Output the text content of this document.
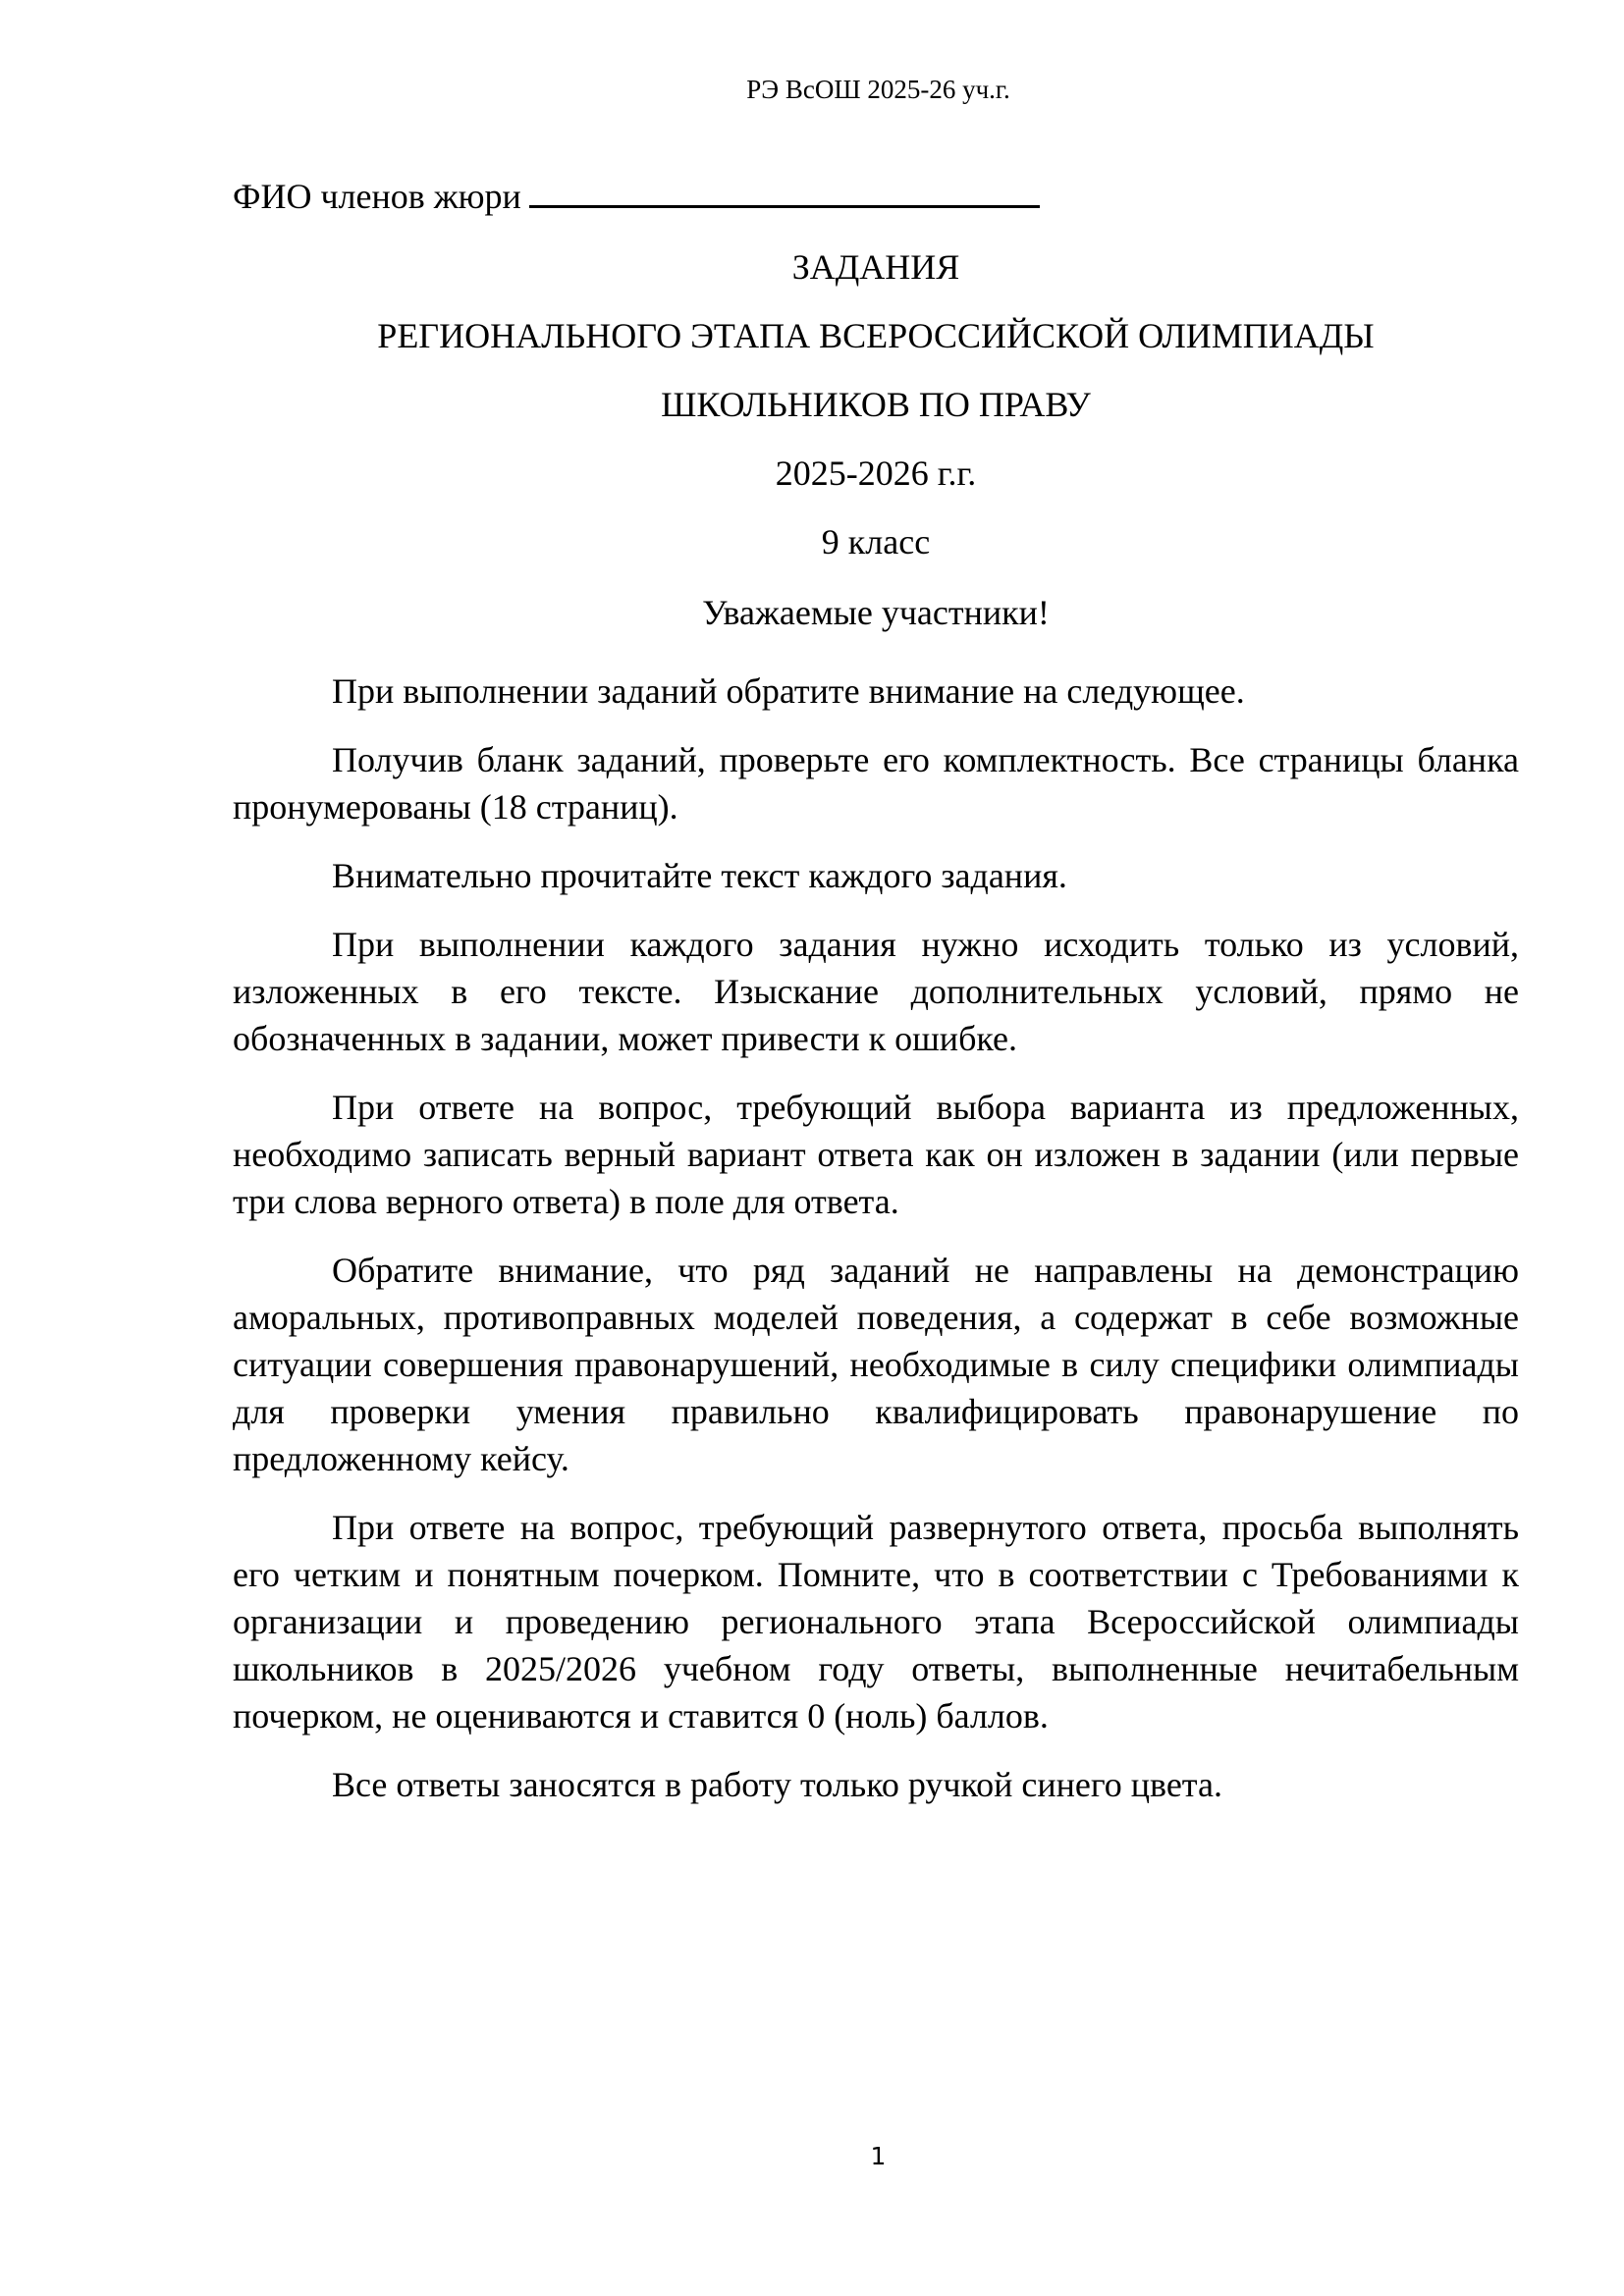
РЭ ВсОШ 2025-26 уч.г.
ФИО членов жюри
ЗАДАНИЯ
РЕГИОНАЛЬНОГО ЭТАПА ВСЕРОССИЙСКОЙ ОЛИМПИАДЫ
ШКОЛЬНИКОВ ПО ПРАВУ
2025-2026 г.г.
9 класс
Уважаемые участники!

При выполнении заданий обратите внимание на следующее.

Получив бланк заданий, проверьте его комплектность. Все страницы бланка пронумерованы (18 страниц).

Внимательно прочитайте текст каждого задания.

При выполнении каждого задания нужно исходить только из условий, изложенных в его тексте. Изыскание дополнительных условий, прямо не обозначенных в задании, может привести к ошибке.

При ответе на вопрос, требующий выбора варианта из предложенных, необходимо записать верный вариант ответа как он изложен в задании (или первые три слова верного ответа) в поле для ответа.

Обратите внимание, что ряд заданий не направлены на демонстрацию аморальных, противоправных моделей поведения, а содержат в себе возможные ситуации совершения правонарушений, необходимые в силу специфики олимпиады для проверки умения правильно квалифицировать правонарушение по предложенному кейсу.

При ответе на вопрос, требующий развернутого ответа, просьба выполнять его четким и понятным почерком. Помните, что в соответствии с Требованиями к организации и проведению регионального этапа Всероссийской олимпиады школьников в 2025/2026 учебном году ответы, выполненные нечитабельным почерком, не оцениваются и ставится 0 (ноль) баллов.

Все ответы заносятся в работу только ручкой синего цвета.

1
